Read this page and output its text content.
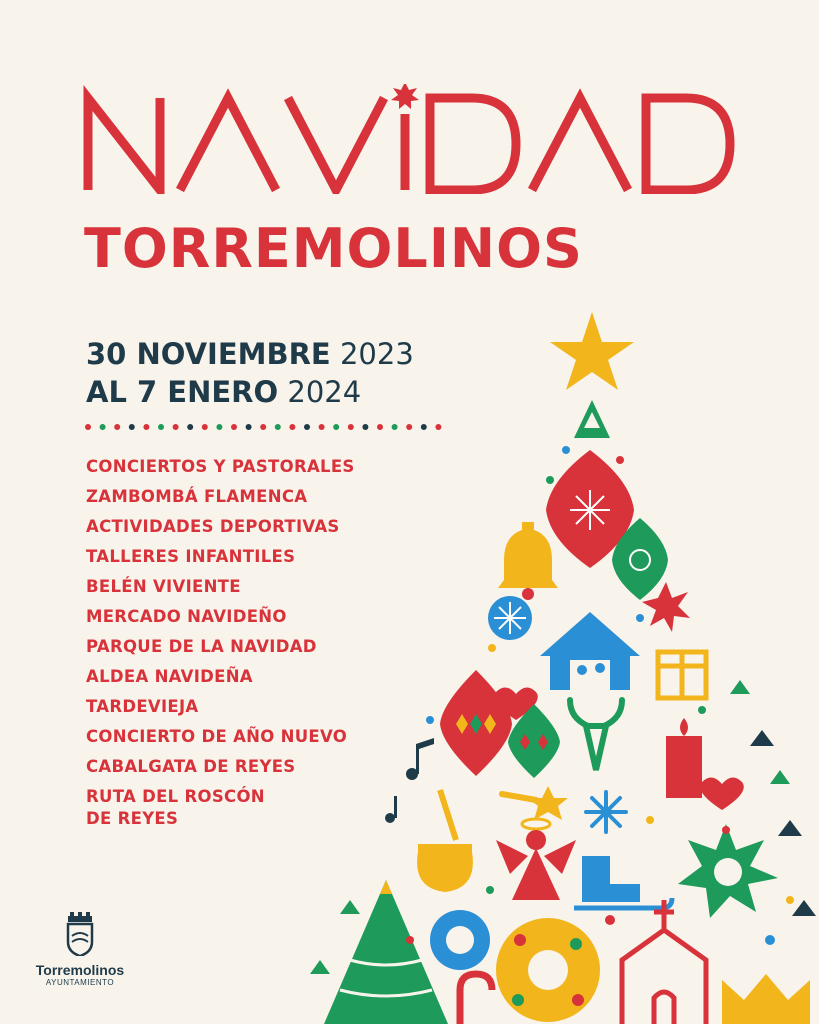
TORREMOLINOS
30 NOVIEMBRE 2023
AL 7 ENERO 2024
CONCIERTOS Y PASTORALES
ZAMBOMBÁ FLAMENCA
ACTIVIDADES DEPORTIVAS
TALLERES INFANTILES
BELÉN VIVIENTE
MERCADO NAVIDEÑO
PARQUE DE LA NAVIDAD
ALDEA NAVIDEÑA
TARDEVIEJA
CONCIERTO DE AÑO NUEVO
CABALGATA DE REYES
RUTA DEL ROSCÓN
DE REYES
Torremolinos
AYUNTAMIENTO
